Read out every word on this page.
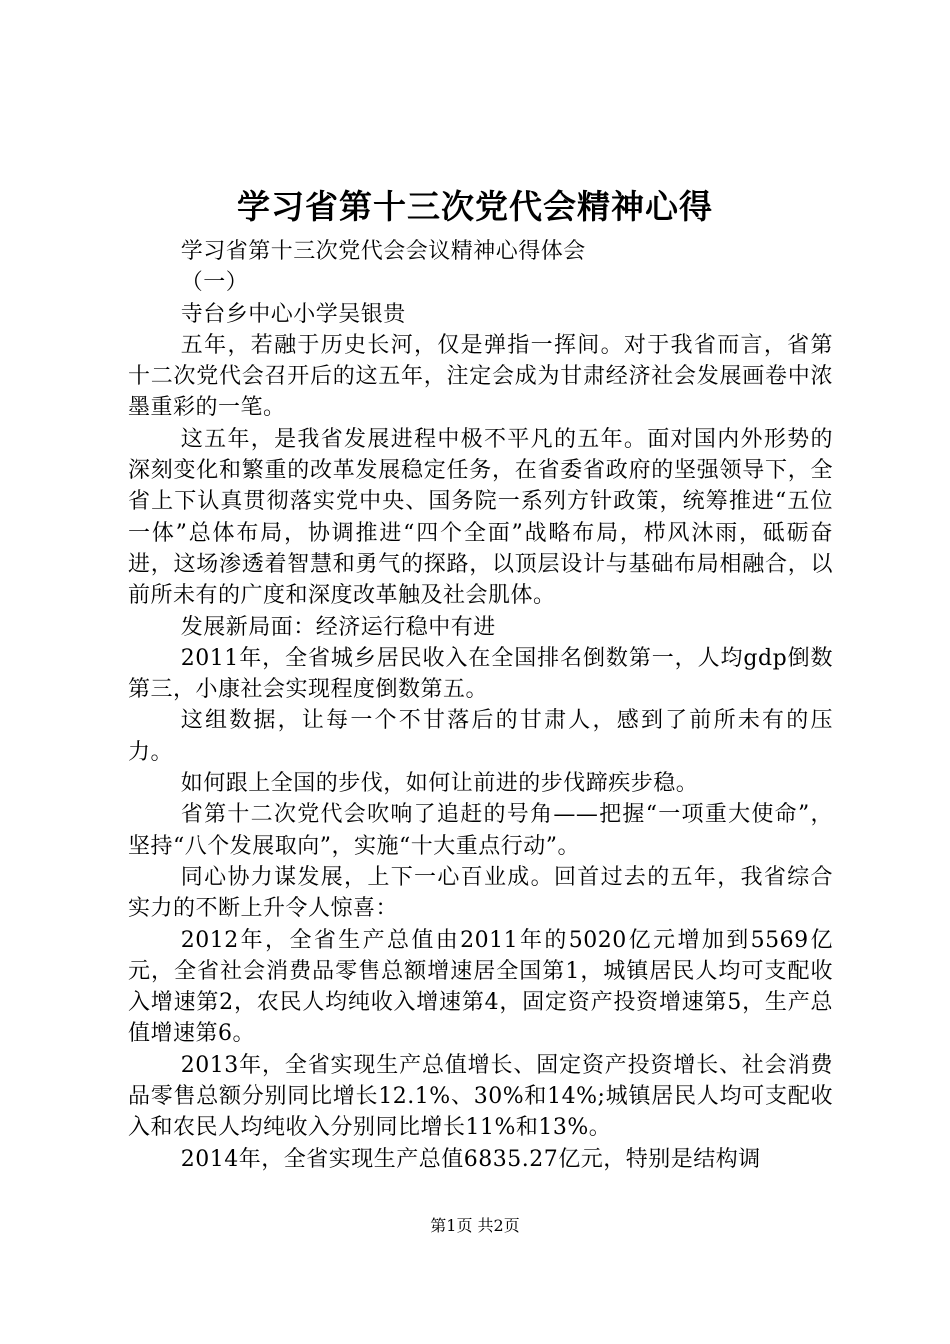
学习省第十三次党代会精神心得

学习省第十三次党代会会议精神心得体会

（一）

寺台乡中心小学吴银贵

五年，若融于历史长河，仅是弹指一挥间。对于我省而言，省第十二次党代会召开后的这五年，注定会成为甘肃经济社会发展画卷中浓墨重彩的一笔。

这五年，是我省发展进程中极不平凡的五年。面对国内外形势的深刻变化和繁重的改革发展稳定任务，在省委省政府的坚强领导下，全省上下认真贯彻落实党中央、国务院一系列方针政策，统筹推进“五位一体”总体布局，协调推进“四个全面”战略布局，栉风沐雨，砥砺奋进，这场渗透着智慧和勇气的探路，以顶层设计与基础布局相融合，以前所未有的广度和深度改革触及社会肌体。

发展新局面：经济运行稳中有进

2011年，全省城乡居民收入在全国排名倒数第一，人均gdp倒数第三，小康社会实现程度倒数第五。

这组数据，让每一个不甘落后的甘肃人，感到了前所未有的压力。

如何跟上全国的步伐，如何让前进的步伐蹄疾步稳。

省第十二次党代会吹响了追赶的号角——把握“一项重大使命”，坚持“八个发展取向”，实施“十大重点行动”。

同心协力谋发展，上下一心百业成。回首过去的五年，我省综合实力的不断上升令人惊喜：

2012年，全省生产总值由2011年的5020亿元增加到5569亿元，全省社会消费品零售总额增速居全国第1，城镇居民人均可支配收入增速第2，农民人均纯收入增速第4，固定资产投资增速第5，生产总值增速第6。

2013年，全省实现生产总值增长、固定资产投资增长、社会消费品零售总额分别同比增长12.1%、30%和14%;城镇居民人均可支配收入和农民人均纯收入分别同比增长11%和13%。

2014年，全省实现生产总值6835.27亿元，特别是结构调

第1页 共2页
